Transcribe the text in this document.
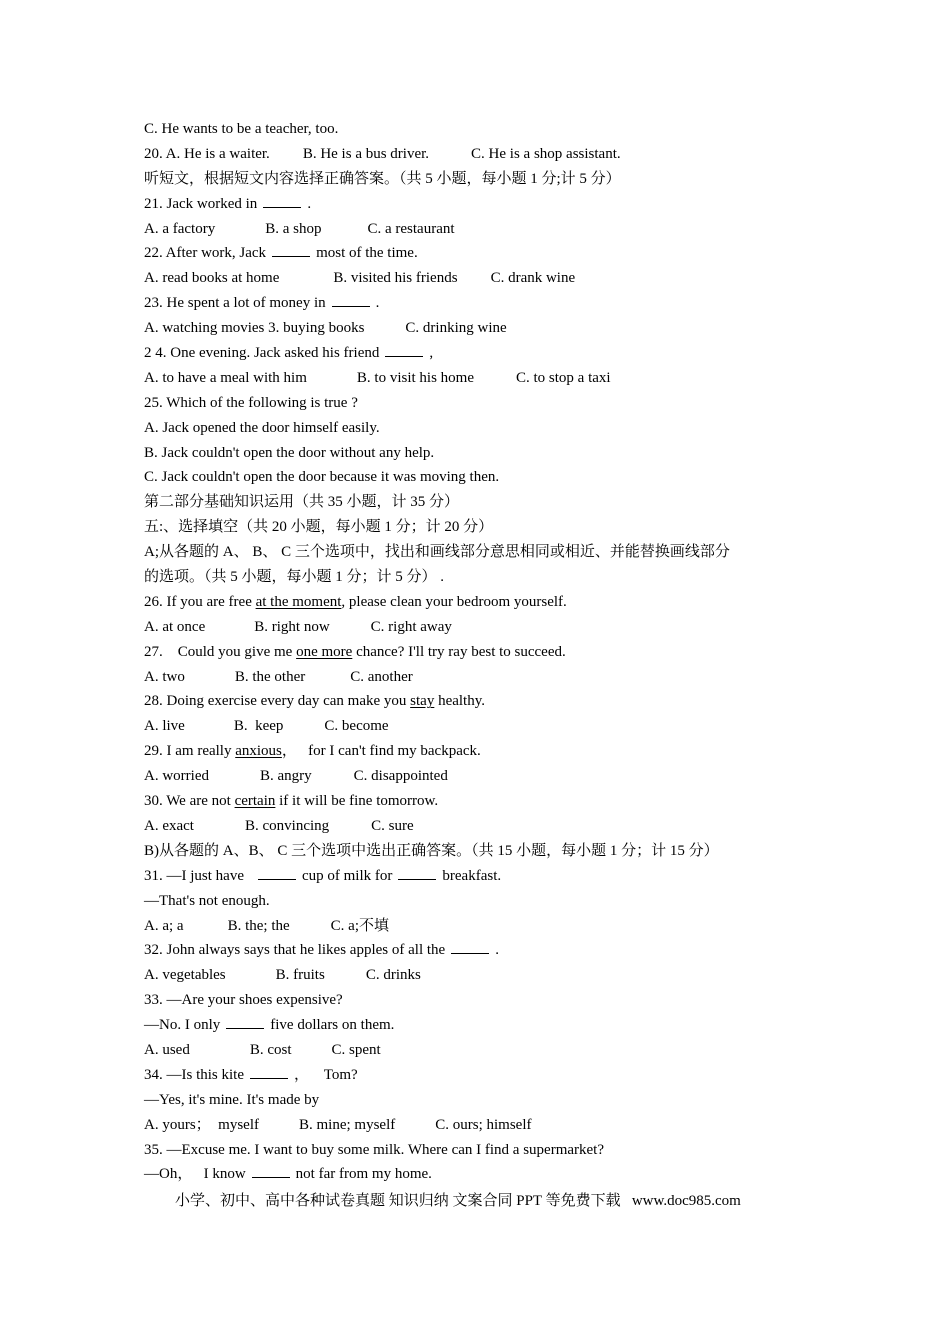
C. He wants to be a teacher, too.
20. A. He is a waiter. B. He is a bus driver.	C. He is a shop assistant.
听短文，根据短文内容选择正确答案。（共 5 小题，每小题 1 分;计 5 分）
21. Jack worked in	.
A. a factory	B. a shop	C. a restaurant
22. After work, Jack	most of the time.
A. read books at home	B. visited his friends C. drank wine
23. He spent a lot of money in	.
A. watching movies 3. buying books	C. drinking wine
2 4. One evening. Jack asked his friend	,
A. to have a meal with him	B. to visit his home	C. to stop a taxi
25. Which of the following is true ?
A. Jack opened the door himself easily.
B. Jack couldn't open the door without any help.
C. Jack couldn't open the door because it was moving then.
第二部分基础知识运用（共 35 小题，计 35 分）
五:、选择填空（共 20 小题，每小题 1 分；计 20 分）
A;从各题的 A、 B、 C 三个选项中，找出和画线部分意思相同或相近、并能替换画线部分
的选项。（共 5 小题，每小题 1 分；计 5 分） .
26. If you are free at the moment, please clean your bedroom yourself.
A. at once	B. right now	C. right away
27.    Could you give me one more chance? I'll try ray best to succeed.
A. two	B. the other	C. another
28. Doing exercise every day can make you stay healthy.
A. live	B.  keep	C. become
29. I am really anxious，   for I can't find my backpack.
A. worried	B. angry	C. disappointed
30. We are not certain if it will be fine tomorrow.
A. exact	B. convincing	C. sure
B)从各题的 A、B、 C 三个选项中选出正确答案。（共 15 小题，每小题 1 分；计 15 分）
31. —I just have	cup of milk for	breakfast.
—That's not enough.
A. a; a	B. the; the	C. a;不填
32. John always says that he likes apples of all the	.
A. vegetables	B. fruits	C. drinks
33. —Are your shoes expensive?
—No. I only	five dollars on them.
A. used	B. cost	C. spent
34. —Is this kite	，    Tom?
—Yes, it's mine. It's made by
A. yours；  myself	B. mine; myself	C. ours; himself
35. —Excuse me. I want to buy some milk. Where can I find a supermarket?
—Oh，   I know	not far from my home.
小学、初中、高中各种试卷真题 知识归纳 文案合同 PPT 等免费下载   www.doc985.com
